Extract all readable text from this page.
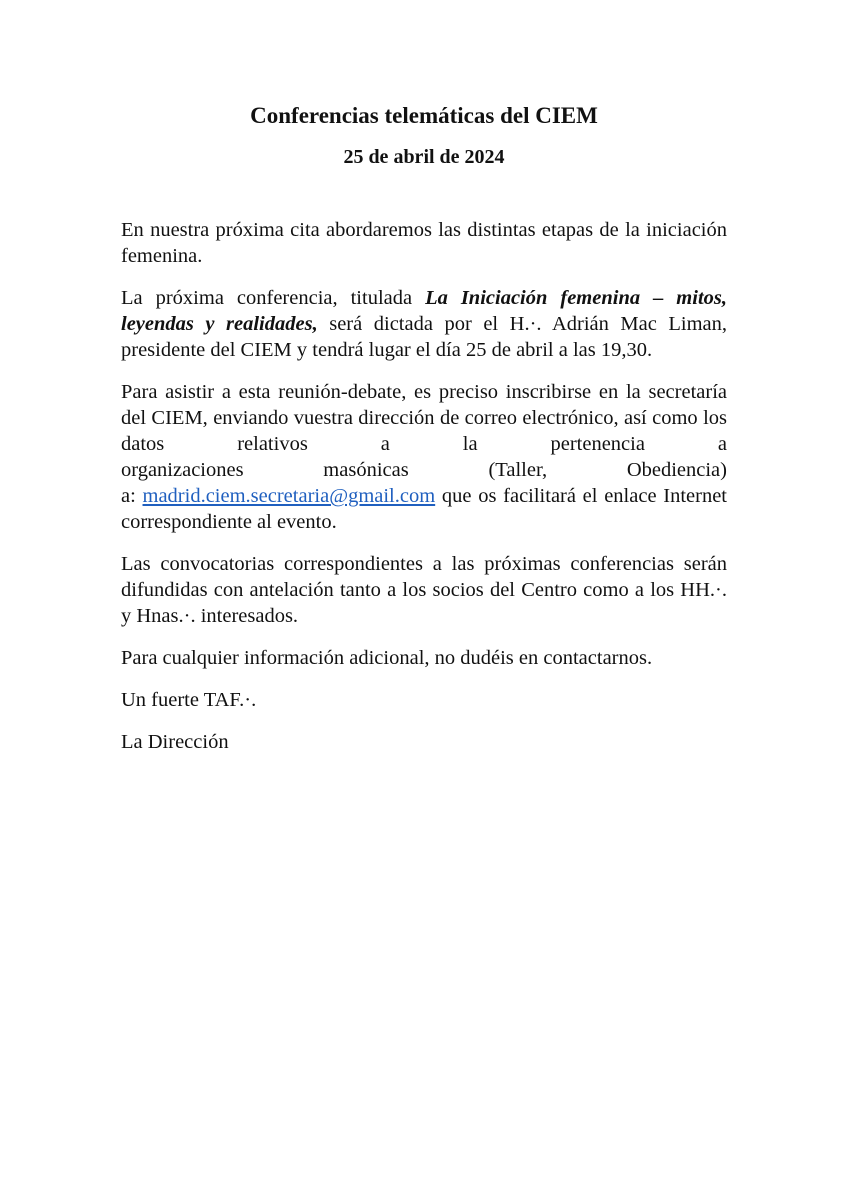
Conferencias telemáticas del CIEM
25 de abril de 2024

En nuestra próxima cita abordaremos las distintas etapas de la iniciación femenina.

La próxima conferencia, titulada La Iniciación femenina – mitos, leyendas y realidades, será dictada por el H.·. Adrián Mac Liman, presidente del CIEM y tendrá lugar el día 25 de abril a las 19,30.

Para asistir a esta reunión-debate, es preciso inscribirse en la secretaría del CIEM, enviando vuestra dirección de correo electrónico, así como los datos relativos a la pertenencia a
organizaciones masónicas (Taller, Obediencia)
a: madrid.ciem.secretaria@gmail.com que os facilitará el enlace Internet correspondiente al evento.

Las convocatorias correspondientes a las próximas conferencias serán difundidas con antelación tanto a los socios del Centro como a los HH.·. y Hnas.·. interesados.

Para cualquier información adicional, no dudéis en contactarnos.

Un fuerte TAF.·.

La Dirección
